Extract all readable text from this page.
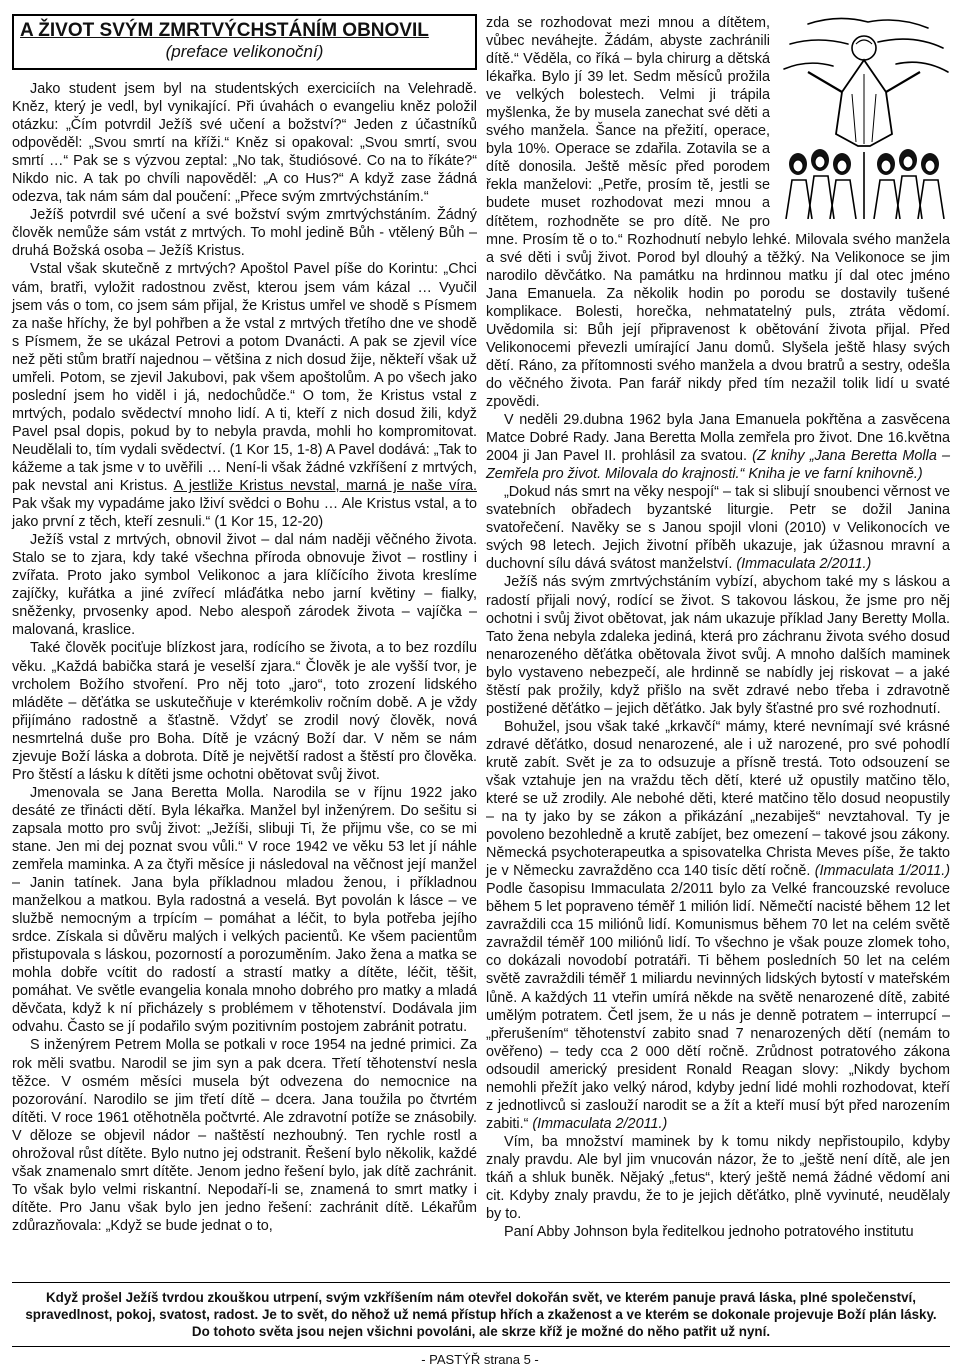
A ŽIVOT SVÝM ZMRTVÝCHSTÁNÍM OBNOVIL
(preface velikonoční)

Jako student jsem byl na studentských exerciciích na Velehradě. Kněz, který je vedl, byl vynikající. Při úvahách o evangeliu kněz položil otázku: „Čím potvrdil Ježíš své učení a božství?“ Jeden z účastníků odpověděl: „Svou smrtí na kříži.“ Kněz si opakoval: „Svou smrtí, svou smrtí …“ Pak se s výzvou zeptal: „No tak, študiósové. Co na to říkáte?“ Nikdo nic. A tak po chvíli napověděl: „A co Hus?“ A když zase žádná odezva, tak nám sám dal poučení: „Přece svým zmrtvýchstáním.“

Ježíš potvrdil své učení a své božství svým zmrtvýchstáním. Žádný člověk nemůže sám vstát z mrtvých. To mohl jedině Bůh - vtělený Bůh – druhá Božská osoba – Ježíš Kristus.

Vstal však skutečně z mrtvých? Apoštol Pavel píše do Korintu: „Chci vám, bratři, vyložit radostnou zvěst, kterou jsem vám kázal … Vyučil jsem vás o tom, co jsem sám přijal, že Kristus umřel ve shodě s Písmem za naše hříchy, že byl pohřben a že vstal z mrtvých třetího dne ve shodě s Písmem, že se ukázal Petrovi a potom Dvanácti. A pak se zjevil více než pěti stům bratří najednou – většina z nich dosud žije, někteří však už umřeli. Potom, se zjevil Jakubovi, pak všem apoštolům. A po všech jako poslední jsem ho viděl i já, nedochůdče.“ O tom, že Kristus vstal z mrtvých, podalo svědectví mnoho lidí. A ti, kteří z nich dosud žili, když Pavel psal dopis, pokud by to nebyla pravda, mohli ho kompromitovat. Neudělali to, tím vydali svědectví. (1 Kor 15, 1-8) A Pavel dodává: „Tak to kážeme a tak jsme v to uvěřili … Není-li však žádné vzkříšení z mrtvých, pak nevstal ani Kristus. A jestliže Kristus nevstal, marná je naše víra. Pak však my vypadáme jako lživí svědci o Bohu … Ale Kristus vstal, a to jako první z těch, kteří zesnuli.“ (1 Kor 15, 12-20)

Ježíš vstal z mrtvých, obnovil život – dal nám naději věčného života. Stalo se to zjara, kdy také všechna příroda obnovuje život – rostliny i zvířata. Proto jako symbol Velikonoc a jara klíčícího života kreslíme zajíčky, kuřátka a jiné zvířecí mláďátka nebo jarní květiny – fialky, sněženky, prvosenky apod. Nebo alespoň zárodek života – vajíčka – malovaná, kraslice.

Také člověk pociťuje blízkost jara, rodícího se života, a to bez rozdílu věku. „Každá babička stará je veselší zjara.“ Člověk je ale vyšší tvor, je vrcholem Božího stvoření. Pro něj toto „jaro“, toto zrození lidského mláděte – děťátka se uskutečňuje v kterémkoliv ročním době. A je vždy přijímáno radostně a šťastně. Vždyť se zrodil nový člověk, nová nesmrtelná duše pro Boha. Dítě je vzácný Boží dar. V něm se nám zjevuje Boží láska a dobrota. Dítě je největší radost a štěstí pro člověka. Pro štěstí a lásku k dítěti jsme ochotni obětovat svůj život.

Jmenovala se Jana Beretta Molla. Narodila se v říjnu 1922 jako desáté ze třinácti dětí. Byla lékařka. Manžel byl inženýrem. Do sešitu si zapsala motto pro svůj život: „Ježíši, slibuji Ti, že přijmu vše, co se mi stane. Jen mi dej poznat svou vůli.“ V roce 1942 ve věku 53 let jí náhle zemřela maminka. A za čtyři měsíce ji následoval na věčnost její manžel – Janin tatínek. Jana byla příkladnou mladou ženou, i příkladnou manželkou a matkou. Byla radostná a veselá. Byt povolán k lásce – ve službě nemocným a trpícím – pomáhat a léčit, to byla potřeba jejího srdce. Získala si důvěru malých i velkých pacientů. Ke všem pacientům přistupovala s láskou, pozorností a porozuměním. Jako žena a matka se mohla dobře vcítit do radostí a strastí matky a dítěte, léčit, těšit, pomáhat. Ve světle evangelia konala mnoho dobrého pro matky a mladá děvčata, když k ní přicházely s problémem v těhotenství. Dodávala jim odvahu. Často se jí podařilo svým pozitivním postojem zabránit potratu.

S inženýrem Petrem Molla se potkali v roce 1954 na jedné primici. Za rok měli svatbu. Narodil se jim syn a pak dcera. Třetí těhotenství nesla těžce. V osmém měsíci musela být odvezena do nemocnice na pozorování. Narodilo se jim třetí dítě – dcera. Jana toužila po čtvrtém dítěti. V roce 1961 otěhotněla počtvrté. Ale zdravotní potíže se znásobily. V děloze se objevil nádor – naštěstí nezhoubný. Ten rychle rostl a ohrožoval růst dítěte. Bylo nutno jej odstranit. Řešení bylo několik, každé však znamenalo smrt dítěte. Jenom jedno řešení bylo, jak dítě zachránit. To však bylo velmi riskantní. Nepodaří-li se, znamená to smrt matky i dítěte. Pro Janu však bylo jen jedno řešení: zachránit dítě. Lékařům zdůrazňovala: „Když se bude jednat o to,

zda se rozhodovat mezi mnou a dítětem, vůbec neváhejte. Žádám, abyste zachránili dítě.“ Věděla, co říká – byla chirurg a dětská lékařka. Bylo jí 39 let. Sedm měsíců prožila ve velkých bolestech. Velmi ji trápila myšlenka, že by musela zanechat své děti a svého manžela. Šance na přežití, operace, byla 10%. Operace se zdařila. Zotavila se a dítě donosila. Ještě měsíc před porodem řekla manželovi: „Petře, prosím tě, jestli se budete muset rozhodovat mezi mnou a dítětem, rozhodněte se pro dítě. Ne pro mne. Prosím tě o to.“ Rozhodnutí nebylo lehké. Milovala svého manžela a své děti i svůj život. Porod byl dlouhý a těžký. Na Velikonoce se jim narodilo děvčátko. Na památku na hrdinnou matku jí dal otec jméno Jana Emanuela. Za několik hodin po porodu se dostavily tušené komplikace. Bolesti, horečka, nehmatatelný puls, ztráta vědomí. Uvědomila si: Bůh její připravenost k obětování života přijal. Před Velikonocemi převezli umírající Janu domů. Slyšela ještě hlasy svých dětí. Ráno, za přítomnosti svého manžela a dvou bratrů a sestry, odešla do věčného života. Pan farář nikdy před tím nezažil tolik lidí u svaté zpovědi.

V neděli 29.dubna 1962 byla Jana Emanuela pokřtěna a zasvěcena Matce Dobré Rady. Jana Beretta Molla zemřela pro život. Dne 16.května 2004 ji Jan Pavel II. prohlásil za svatou. (Z knihy „Jana Beretta Molla – Zemřela pro život. Milovala do krajnosti.“ Kniha je ve farní knihovně.)

„Dokud nás smrt na věky nespojí“ – tak si slibují snoubenci věrnost ve svatebních obřadech byzantské liturgie. Petr se dožil Janina svatořečení. Navěky se s Janou spojil vloni (2010) v Velikonocích ve svých 98 letech. Jejich životní příběh ukazuje, jak úžasnou mravní a duchovní sílu dává svátost manželství. (Immaculata 2/2011.)

Ježíš nás svým zmrtvýchstáním vybízí, abychom také my s láskou a radostí přijali nový, rodící se život. S takovou láskou, že jsme pro něj ochotni i svůj život obětovat, jak nám ukazuje příklad Jany Beretty Molla. Tato žena nebyla zdaleka jediná, která pro záchranu života svého dosud nenarozeného děťátka obětovala život svůj. A mnoho dalších maminek bylo vystaveno nebezpečí, ale hrdinně se nabídly jej riskovat – a jaké štěstí pak prožily, když přišlo na svět zdravé nebo třeba i zdravotně postižené děťátko – jejich děťátko. Jak byly šťastné pro své rozhodnutí.

Bohužel, jsou však také „krkavčí“ mámy, které nevnímají své krásné zdravé děťátko, dosud nenarozené, ale i už narozené, pro své pohodlí krutě zabít. Svět je za to odsuzuje a přísně trestá. Toto odsouzení se však vztahuje jen na vraždu těch dětí, které už opustily matčino tělo, které se už zrodily. Ale nebohé děti, které matčino tělo dosud neopustily – na ty jako by se zákon a přikázání „nezabiješ“ nevztahoval. Ty je povoleno bezohledně a krutě zabíjet, bez omezení – takové jsou zákony. Německá psychoterapeutka a spisovatelka Christa Meves píše, že takto je v Německu zavražděno cca 140 tisíc dětí ročně. (Immaculata 1/2011.) Podle časopisu Immaculata 2/2011 bylo za Velké francouzské revoluce během 5 let popraveno téměř 1 milión lidí. Němečtí nacisté během 12 let zavraždili cca 15 miliónů lidí. Komunismus během 70 let na celém světě zavraždil téměř 100 miliónů lidí. To všechno je však pouze zlomek toho, co dokázali novodobí potratáři. Ti během posledních 50 let na celém světě zavraždili téměř 1 miliardu nevinných lidských bytostí v mateřském lůně. A každých 11 vteřin umírá někde na světě nenarozené dítě, zabité umělým potratem. Četl jsem, že u nás je denně potratem – interrupcí – „přerušením“ těhotenství zabito snad 7 nenarozených dětí (nemám to ověřeno) – tedy cca 2 000 dětí ročně. Zrůdnost potratového zákona odsoudil americký president Ronald Reagan slovy: „Nikdy bychom nemohli přežít jako velký národ, kdyby jední lidé mohli rozhodovat, kteří z jednotlivců si zaslouží narodit se a žít a kteří musí být před narozením zabiti.“ (Immaculata 2/2011.)

Vím, ba množství maminek by k tomu nikdy nepřistoupilo, kdyby znaly pravdu. Ale byl jim vnucován názor, že to „ještě není dítě, ale jen tkáň a shluk buněk. Nějaký „fetus“, který ještě nemá žádné vědomí ani cit. Kdyby znaly pravdu, že to je jejich děťátko, plně vyvinuté, neudělaly by to.

Paní Abby Johnson byla ředitelkou jednoho potratového institutu

Když prošel Ježíš tvrdou zkouškou utrpení, svým vzkříšením nám otevřel dokořán svět, ve kterém panuje pravá láska, plné společenství, spravedlnost, pokoj, svatost, radost. Je to svět, do něhož už nemá přístup hřích a zkaženost a ve kterém se dokonale projevuje Boží plán lásky. Do tohoto světa jsou nejen všichni povoláni, ale skrze kříž je možné do něho patřit už nyní.
- PASTÝŘ strana 5 -
